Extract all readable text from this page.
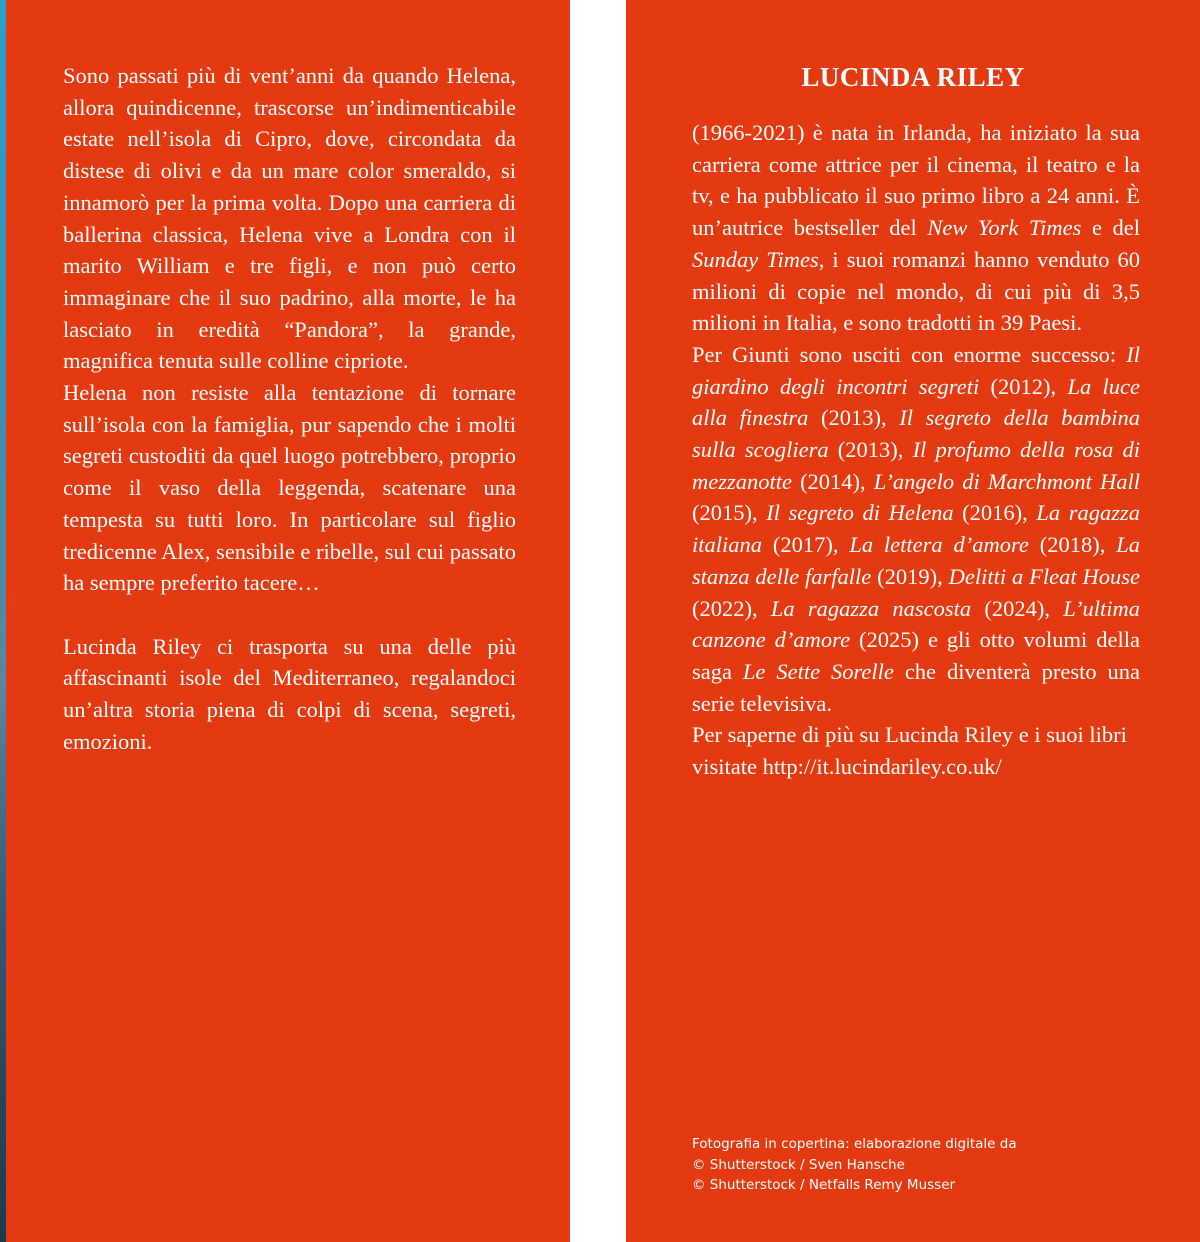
Sono passati più di vent’anni da quando Helena, allora quindicenne, trascorse un’indimenticabile estate nell’isola di Cipro, dove, circondata da distese di olivi e da un mare color smeraldo, si innamorò per la prima volta. Dopo una carriera di ballerina classica, Helena vive a Londra con il marito William e tre figli, e non può certo immaginare che il suo padrino, alla morte, le ha lasciato in eredità “Pandora”, la grande, magnifica tenuta sulle colline cipriote.

Helena non resiste alla tentazione di tornare sull’isola con la famiglia, pur sapendo che i molti segreti custoditi da quel luogo potrebbero, proprio come il vaso della leggenda, scatenare una tempesta su tutti loro. In particolare sul figlio tredicenne Alex, sensibile e ribelle, sul cui passato ha sempre preferito tacere…

Lucinda Riley ci trasporta su una delle più affascinanti isole del Mediterraneo, regalandoci un’altra storia piena di colpi di scena, segreti, emozioni.

LUCINDA RILEY

(1966-2021) è nata in Irlanda, ha iniziato la sua carriera come attrice per il cinema, il teatro e la tv, e ha pubblicato il suo primo libro a 24 anni. È un’autrice bestseller del New York Times e del Sunday Times, i suoi romanzi hanno venduto 60 milioni di copie nel mondo, di cui più di 3,5 milioni in Italia, e sono tradotti in 39 Paesi.

Per Giunti sono usciti con enorme successo: Il giardino degli incontri segreti (2012), La luce alla finestra (2013), Il segreto della bambina sulla scogliera (2013), Il profumo della rosa di mezzanotte (2014), L’angelo di Marchmont Hall (2015), Il segreto di Helena (2016), La ragazza italiana (2017), La lettera d’amore (2018), La stanza delle farfalle (2019), Delitti a Fleat House (2022), La ragazza nascosta (2024), L’ultima canzone d’amore (2025) e gli otto volumi della saga Le Sette Sorelle che diventerà presto una serie televisiva.

Per saperne di più su Lucinda Riley e i suoi libri visitate http://it.lucindariley.co.uk/

Fotografia in copertina: elaborazione digitale da
© Shutterstock / Sven Hansche
© Shutterstock / Netfalls Remy Musser
